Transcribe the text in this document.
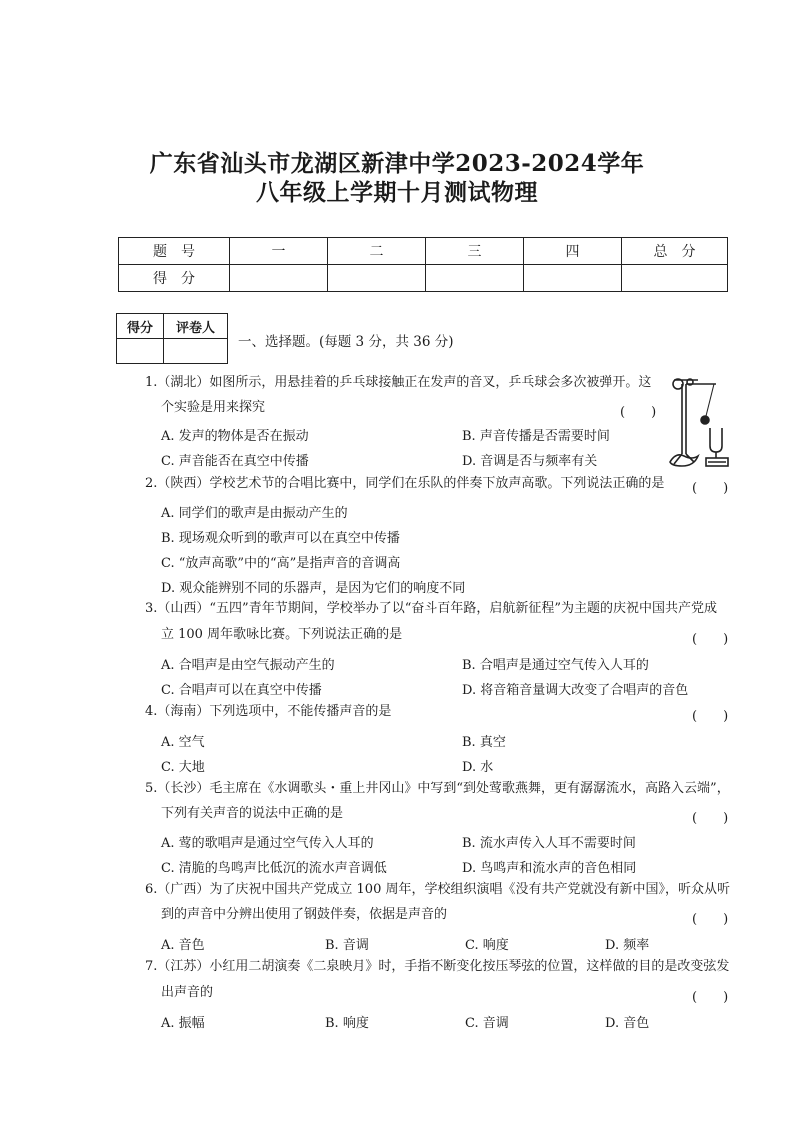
广东省汕头市龙湖区新津中学2023-2024学年
八年级上学期十月测试物理
题　号	一	二	三	四	总　分
得　分					
得分	评卷人

一、选择题。(每题 3 分，共 36 分)
1.（湖北）如图所示，用悬挂着的乒乓球接触正在发声的音叉，乒乓球会多次被弹开。这
个实验是用来探究	(　　)
A. 发声的物体是否在振动	B. 声音传播是否需要时间
C. 声音能否在真空中传播	D. 音调是否与频率有关
2.（陕西）学校艺术节的合唱比赛中，同学们在乐队的伴奏下放声高歌。下列说法正确的是 (　　)
A. 同学们的歌声是由振动产生的
B. 现场观众听到的歌声可以在真空中传播
C. “放声高歌”中的“高”是指声音的音调高
D. 观众能辨别不同的乐器声，是因为它们的响度不同
3.（山西）“五四”青年节期间，学校举办了以“奋斗百年路，启航新征程”为主题的庆祝中国共产党成
立 100 周年歌咏比赛。下列说法正确的是	(　　)
A. 合唱声是由空气振动产生的	B. 合唱声是通过空气传入人耳的
C. 合唱声可以在真空中传播	D. 将音箱音量调大改变了合唱声的音色
4.（海南）下列选项中，不能传播声音的是	(　　)
A. 空气	B. 真空
C. 大地	D. 水
5.（长沙）毛主席在《水调歌头・重上井冈山》中写到“到处莺歌燕舞，更有潺潺流水，高路入云端”，
下列有关声音的说法中正确的是	(　　)
A. 莺的歌唱声是通过空气传入人耳的	B. 流水声传入人耳不需要时间
C. 清脆的鸟鸣声比低沉的流水声音调低	D. 鸟鸣声和流水声的音色相同
6.（广西）为了庆祝中国共产党成立 100 周年，学校组织演唱《没有共产党就没有新中国》，听众从听
到的声音中分辨出使用了钢鼓伴奏，依据是声音的	(　　)
A. 音色	B. 音调	C. 响度	D. 频率
7.（江苏）小红用二胡演奏《二泉映月》时，手指不断变化按压琴弦的位置，这样做的目的是改变弦发
出声音的	(　　)
A. 振幅	B. 响度	C. 音调	D. 音色
